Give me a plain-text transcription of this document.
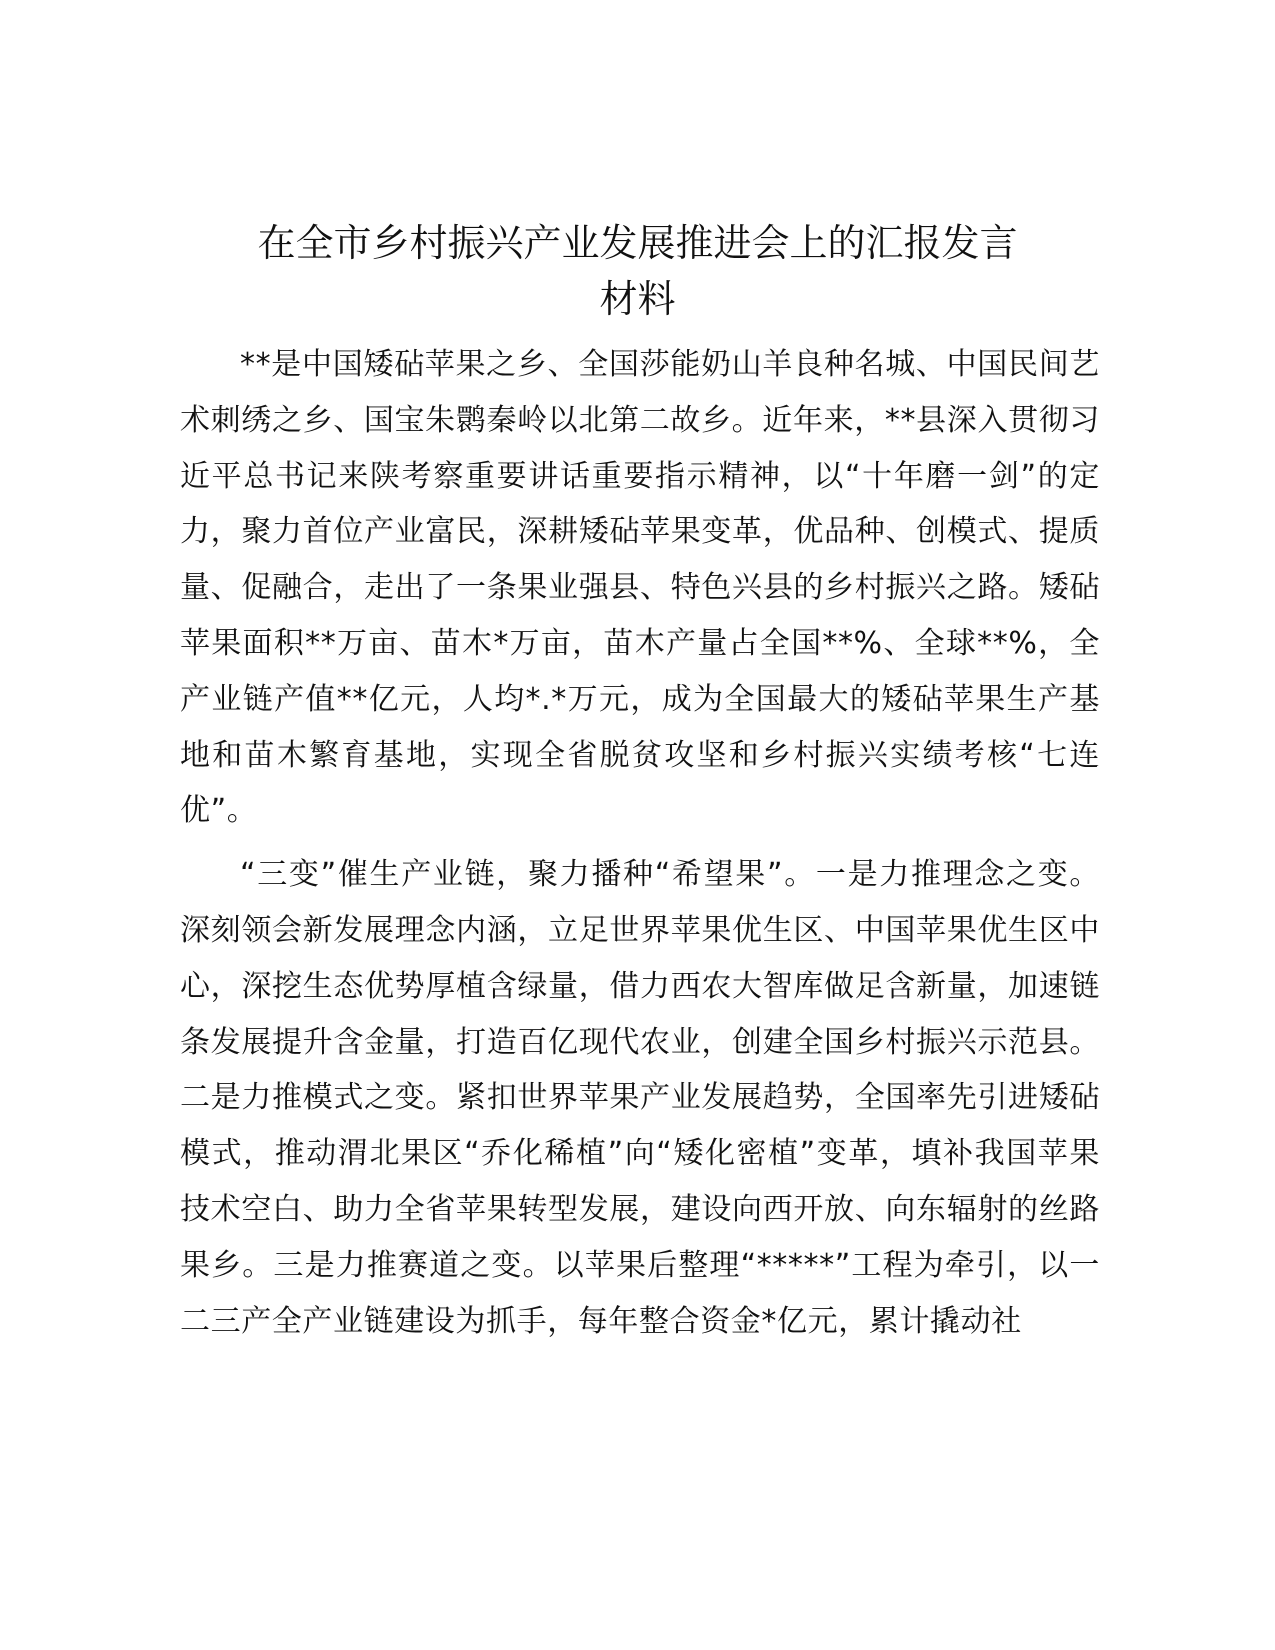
在全市乡村振兴产业发展推进会上的汇报发言
材料

**是中国矮砧苹果之乡、全国莎能奶山羊良种名城、中国民间艺术刺绣之乡、国宝朱鹮秦岭以北第二故乡。近年来，**县深入贯彻习近平总书记来陕考察重要讲话重要指示精神，以“十年磨一剑”的定力，聚力首位产业富民，深耕矮砧苹果变革，优品种、创模式、提质量、促融合，走出了一条果业强县、特色兴县的乡村振兴之路。矮砧苹果面积**万亩、苗木*万亩，苗木产量占全国**%、全球**%，全产业链产值**亿元，人均*.*万元，成为全国最大的矮砧苹果生产基地和苗木繁育基地，实现全省脱贫攻坚和乡村振兴实绩考核“七连优”。

“三变”催生产业链，聚力播种“希望果”。一是力推理念之变。深刻领会新发展理念内涵，立足世界苹果优生区、中国苹果优生区中心，深挖生态优势厚植含绿量，借力西农大智库做足含新量，加速链条发展提升含金量，打造百亿现代农业，创建全国乡村振兴示范县。二是力推模式之变。紧扣世界苹果产业发展趋势，全国率先引进矮砧模式，推动渭北果区“乔化稀植”向“矮化密植”变革，填补我国苹果技术空白、助力全省苹果转型发展，建设向西开放、向东辐射的丝路果乡。三是力推赛道之变。以苹果后整理“*****”工程为牵引，以一二三产全产业链建设为抓手，每年整合资金*亿元，累计撬动社
